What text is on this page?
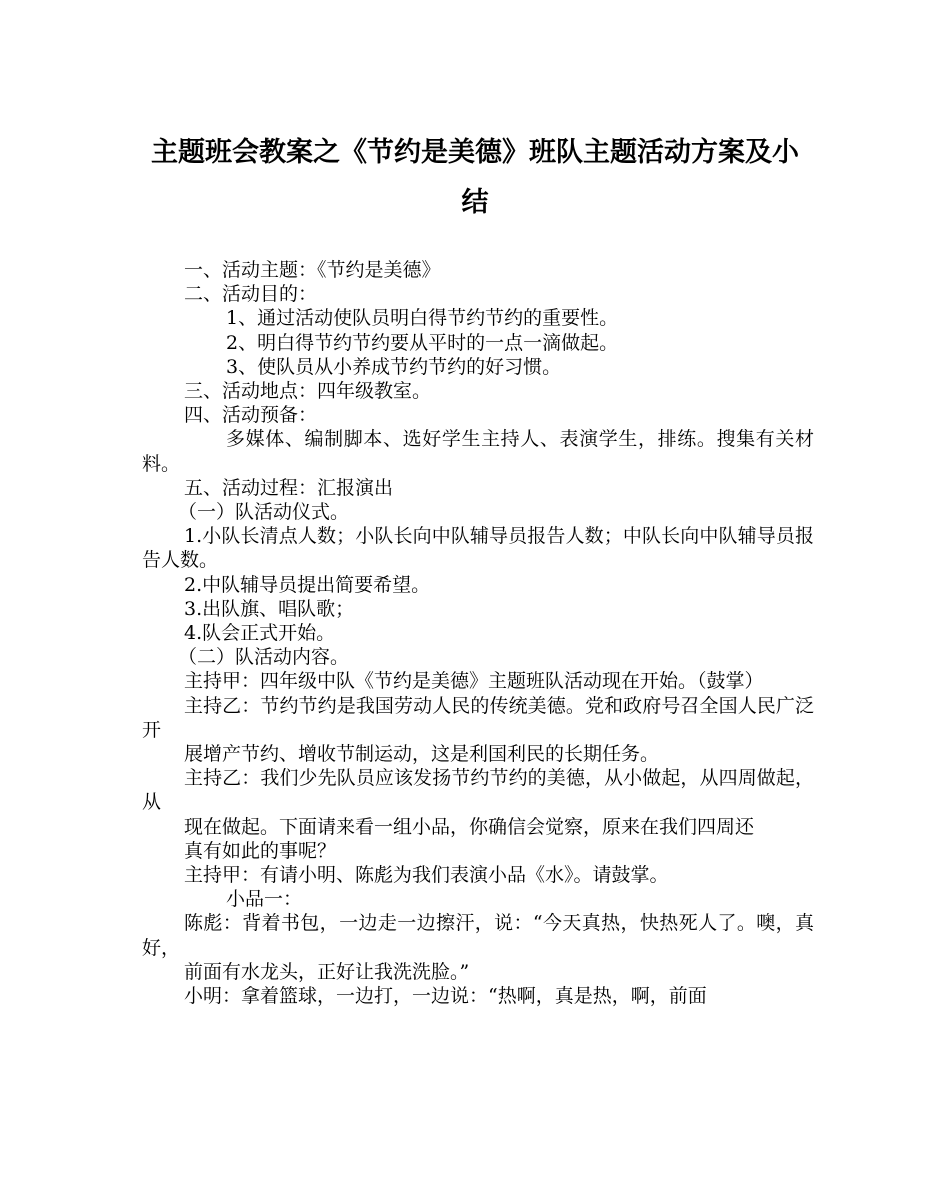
主题班会教案之《节约是美德》班队主题活动方案及小结

一、活动主题：《节约是美德》

二、活动目的：

1、通过活动使队员明白得节约节约的重要性。

2、明白得节约节约要从平时的一点一滴做起。

3、使队员从小养成节约节约的好习惯。

三、活动地点：四年级教室。

四、活动预备：

多媒体、编制脚本、选好学生主持人、表演学生，排练。搜集有关材料。

五、活动过程：汇报演出

（一）队活动仪式。

1.小队长清点人数；小队长向中队辅导员报告人数；中队长向中队辅导员报告人数。

2.中队辅导员提出简要希望。

3.出队旗、唱队歌；

4.队会正式开始。

（二）队活动内容。

主持甲：四年级中队《节约是美德》主题班队活动现在开始。（鼓掌）

主持乙：节约节约是我国劳动人民的传统美德。党和政府号召全国人民广泛开

展增产节约、增收节制运动，这是利国利民的长期任务。

主持乙：我们少先队员应该发扬节约节约的美德，从小做起，从四周做起，从

现在做起。下面请来看一组小品，你确信会觉察，原来在我们四周还

真有如此的事呢？

主持甲：有请小明、陈彪为我们表演小品《水》。请鼓掌。

小品一：

陈彪：背着书包，一边走一边擦汗，说：“今天真热，快热死人了。噢，真好，

前面有水龙头，正好让我洗洗脸。”

小明：拿着篮球，一边打，一边说：“热啊，真是热，啊，前面
